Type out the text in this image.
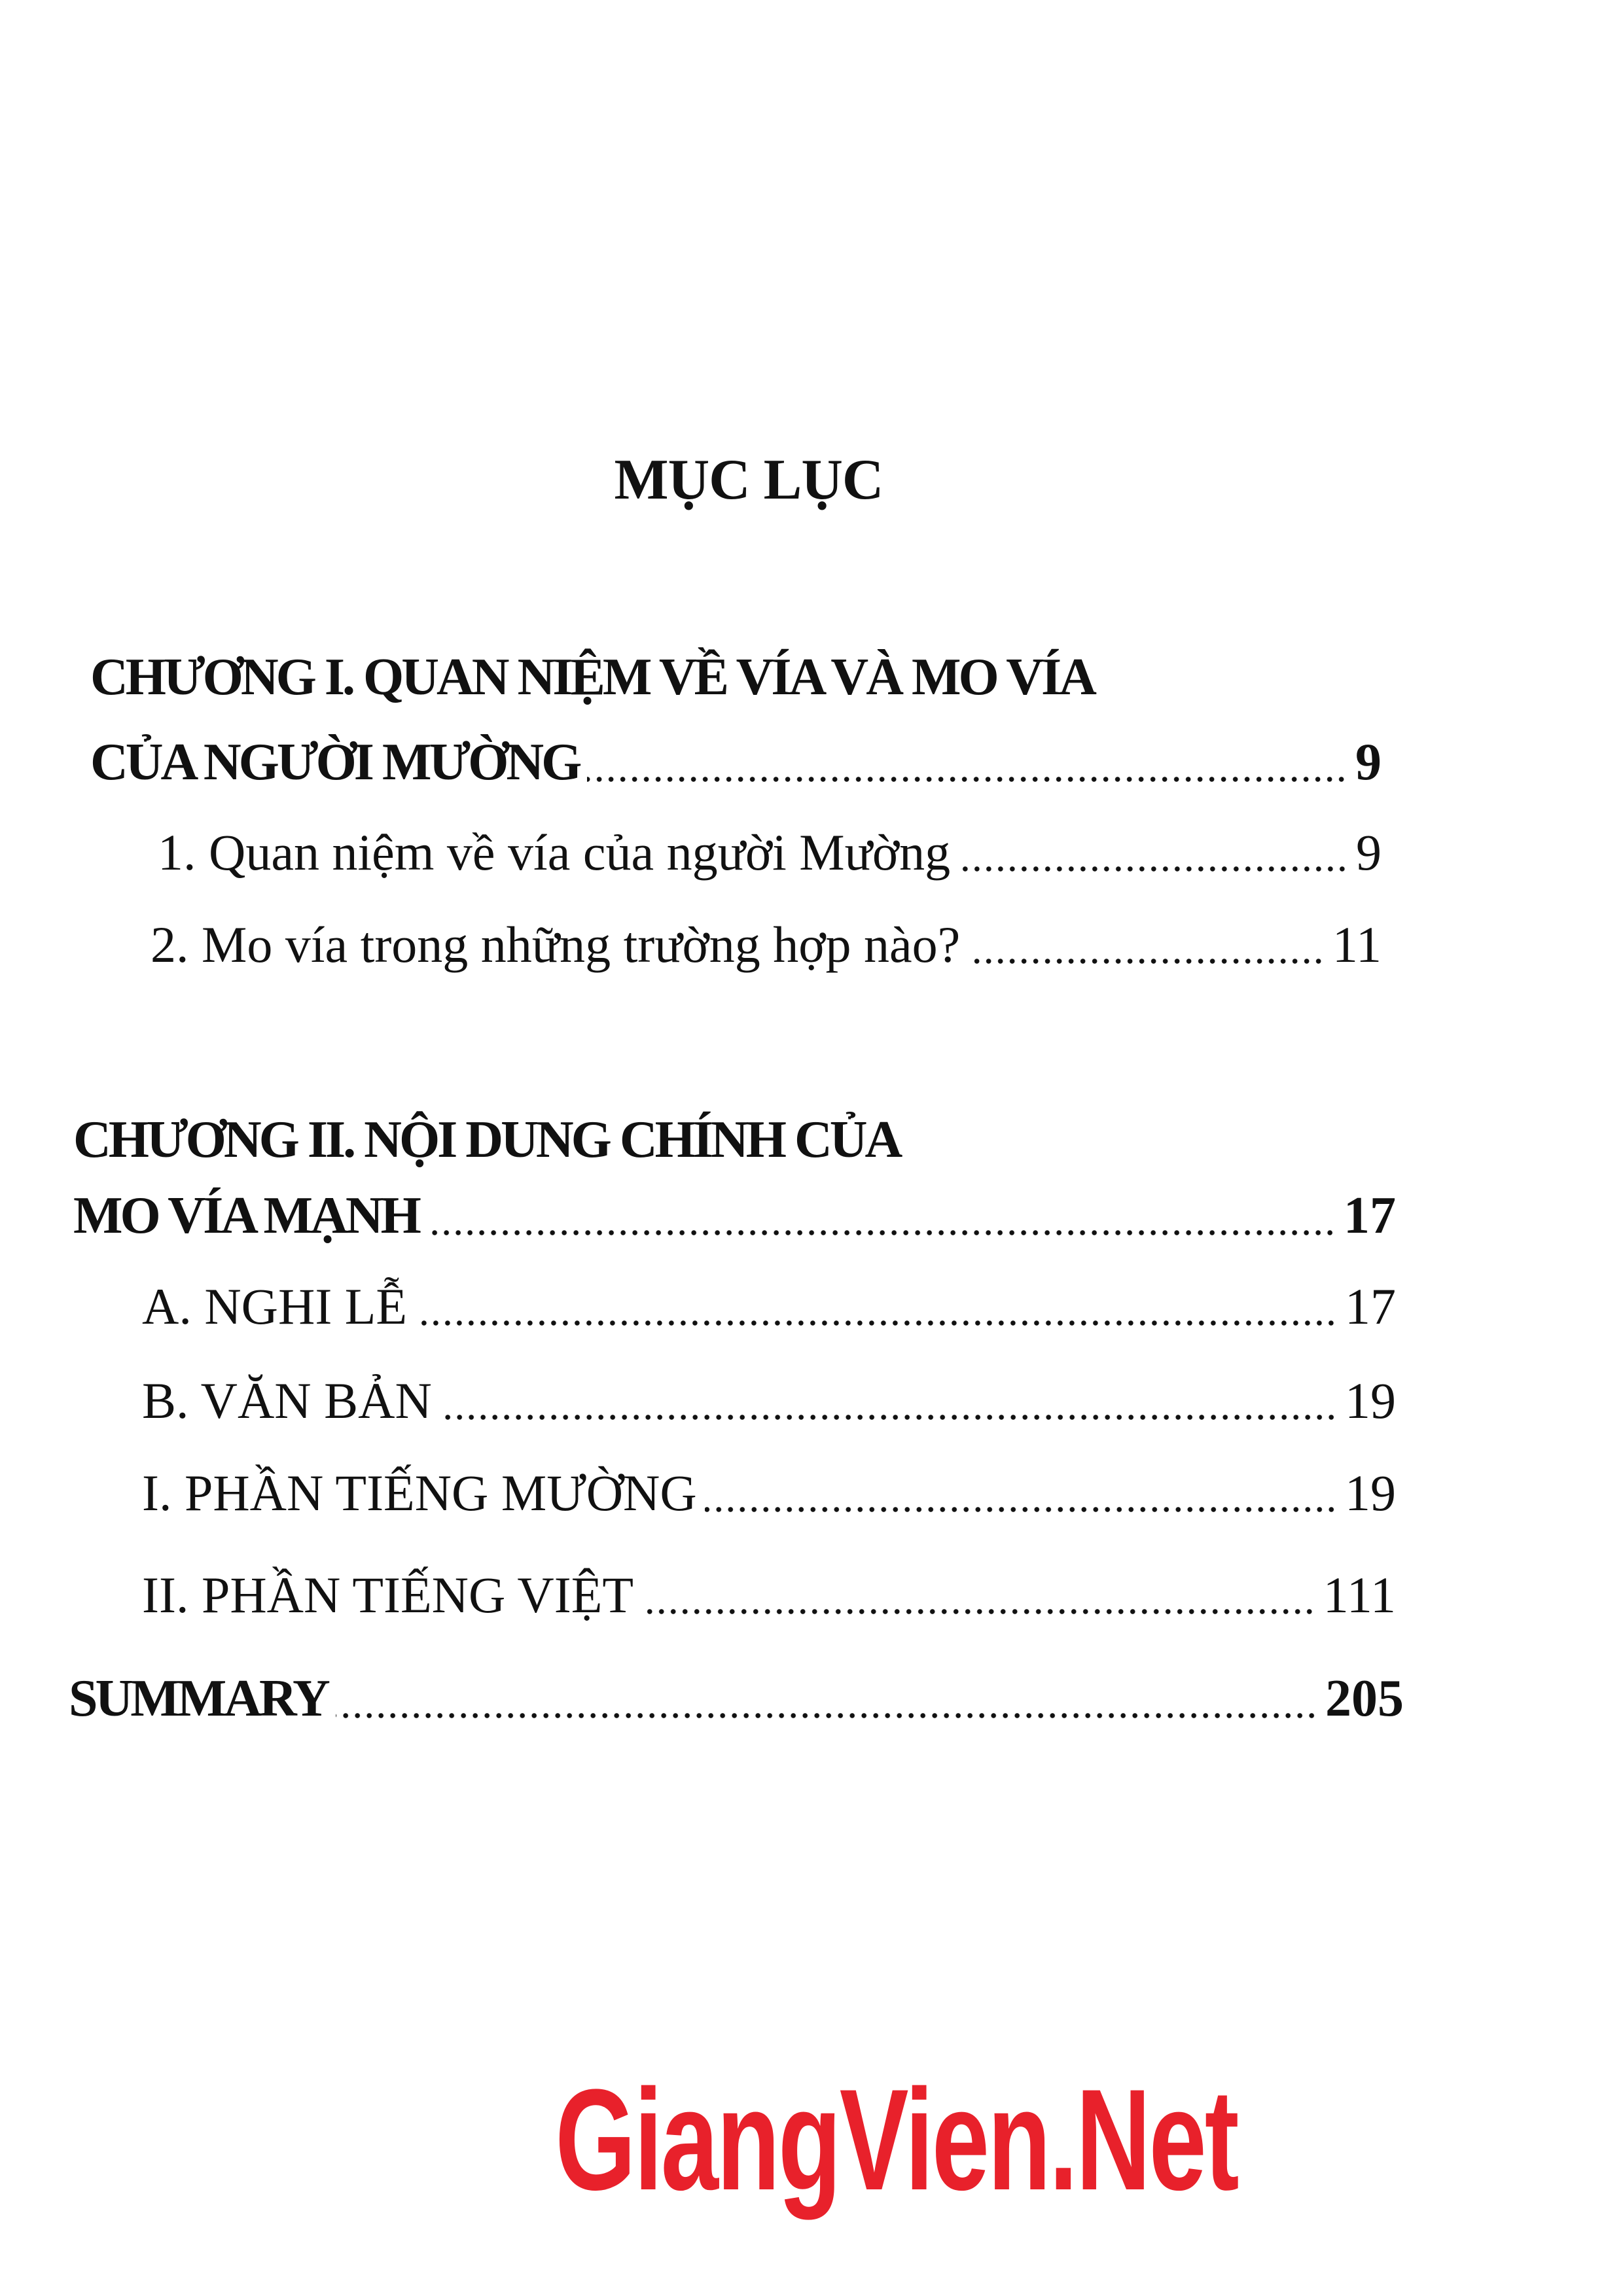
MỤC LỤC
CHƯƠNG I. QUAN NIỆM VỀ VÍA VÀ MO VÍA
CỦA NGƯỜI MƯỜNG	9
1. Quan niệm về vía của người Mường	9
2. Mo vía trong những trường hợp nào?	11
CHƯƠNG II. NỘI DUNG CHÍNH CỦA
MO VÍA MẠNH	17
A. NGHI LỄ	17
B. VĂN BẢN	19
I. PHẦN TIẾNG MƯỜNG	19
II. PHẦN TIẾNG VIỆT	111
SUMMARY	205
GiangVien.Net
